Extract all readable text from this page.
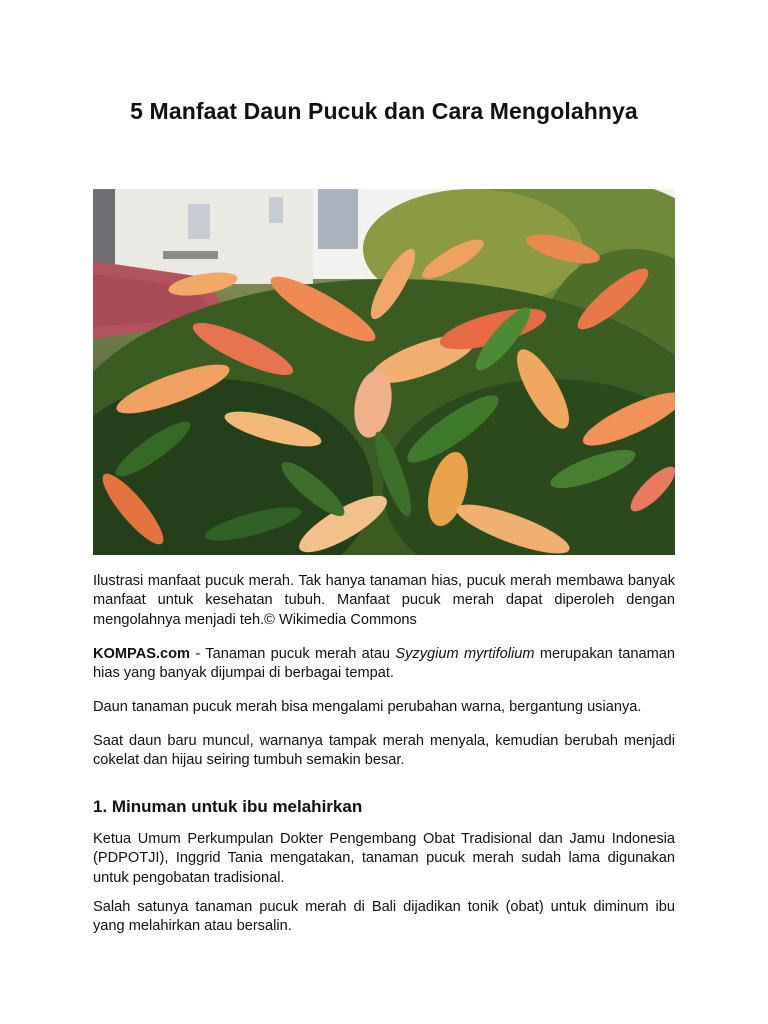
5 Manfaat Daun Pucuk dan Cara Mengolahnya

Ilustrasi manfaat pucuk merah. Tak hanya tanaman hias, pucuk merah membawa banyak manfaat untuk kesehatan tubuh. Manfaat pucuk merah dapat diperoleh dengan mengolahnya menjadi teh.© Wikimedia Commons

KOMPAS.com - Tanaman pucuk merah atau Syzygium myrtifolium merupakan tanaman hias yang banyak dijumpai di berbagai tempat.

Daun tanaman pucuk merah bisa mengalami perubahan warna, bergantung usianya.

Saat daun baru muncul, warnanya tampak merah menyala, kemudian berubah menjadi cokelat dan hijau seiring tumbuh semakin besar.

1. Minuman untuk ibu melahirkan

Ketua Umum Perkumpulan Dokter Pengembang Obat Tradisional dan Jamu Indonesia (PDPOTJI), Inggrid Tania mengatakan, tanaman pucuk merah sudah lama digunakan untuk pengobatan tradisional.

Salah satunya tanaman pucuk merah di Bali dijadikan tonik (obat) untuk diminum ibu yang melahirkan atau bersalin.
